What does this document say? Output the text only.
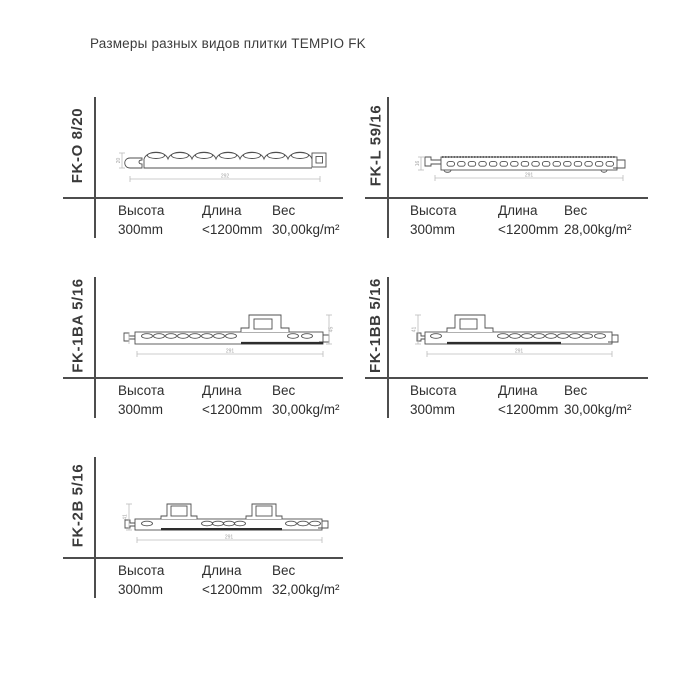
Размеры разных видов плитки TEMPIO FK
FK-O 8/20	292
20
Высота	Длина Вес
300mm	<1200mm 30,00kg/m²
FK-L 59/16	291
16
Высота	Длина Вес
300mm	<1200mm 28,00kg/m²
FK-1BA 5/16	291
45
Высота	Длина Вес
300mm	<1200mm 30,00kg/m²
FK-1BB 5/16	291
41
Высота	Длина Вес
300mm	<1200mm 30,00kg/m²
FK-2B 5/16	291
41
Высота	Длина Вес
300mm	<1200mm 32,00kg/m²
